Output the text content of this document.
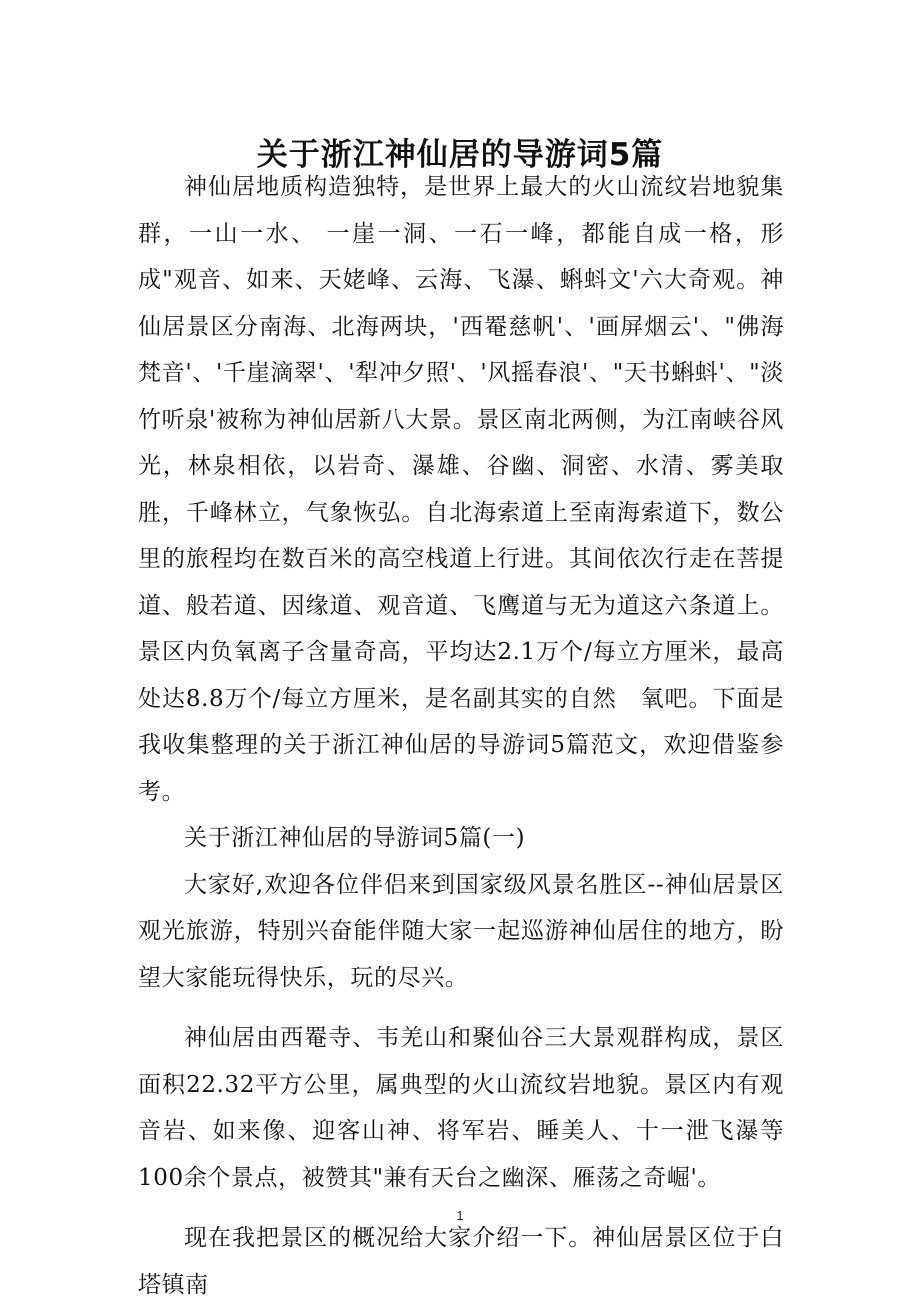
关于浙江神仙居的导游词5篇

神仙居地质构造独特，是世界上最大的火山流纹岩地貌集群，一山一水、 一崖一洞、一石一峰，都能自成一格，形成"观音、如来、天姥峰、云海、飞瀑、蝌蚪文'六大奇观。神仙居景区分南海、北海两块，'西罨慈帆'、'画屏烟云'、"佛海梵音'、'千崖滴翠'、'犁冲夕照'、'风摇春浪'、"天书蝌蚪'、"淡竹听泉'被称为神仙居新八大景。景区南北两侧，为江南峡谷风光，林泉相依，以岩奇、瀑雄、谷幽、洞密、水清、雾美取胜，千峰林立，气象恢弘。自北海索道上至南海索道下，数公里的旅程均在数百米的高空栈道上行进。其间依次行走在菩提道、般若道、因缘道、观音道、飞鹰道与无为道这六条道上。景区内负氧离子含量奇高，平均达2.1万个/每立方厘米，最高处达8.8万个/每立方厘米，是名副其实的自然　氧吧。下面是我收集整理的关于浙江神仙居的导游词5篇范文，欢迎借鉴参考。

关于浙江神仙居的导游词5篇(一)

大家好,欢迎各位伴侣来到国家级风景名胜区--神仙居景区观光旅游，特别兴奋能伴随大家一起巡游神仙居住的地方，盼望大家能玩得快乐，玩的尽兴。

神仙居由西罨寺、韦羌山和聚仙谷三大景观群构成，景区面积22.32平方公里，属典型的火山流纹岩地貌。景区内有观音岩、如来像、迎客山神、将军岩、睡美人、十一泄飞瀑等100余个景点，被赞其"兼有天台之幽深、雁荡之奇崛'。

现在我把景区的概况给大家介绍一下。神仙居景区位于白塔镇南

1
